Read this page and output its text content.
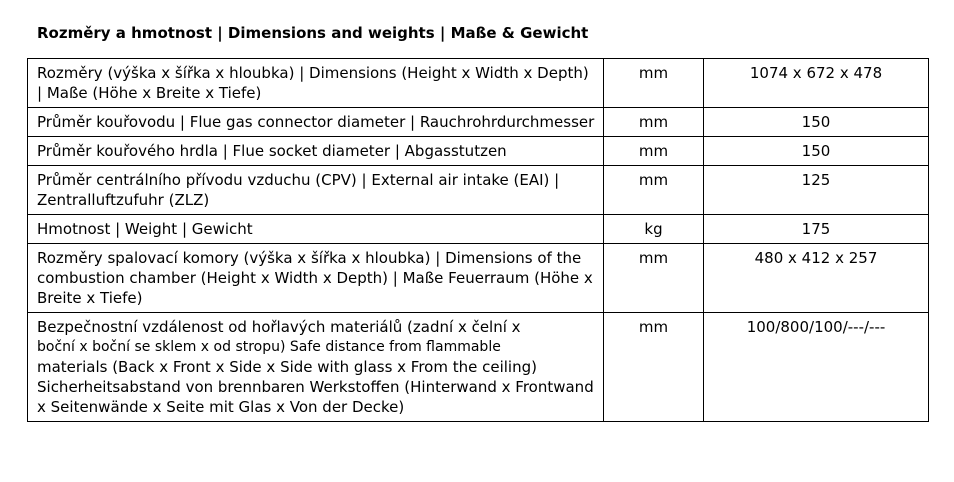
Rozměry a hmotnost | Dimensions and weights | Maße & Gewicht
Rozměry (výška x šířka x hloubka) | Dimensions (Height x Width x Depth) | Maße (Höhe x Breite x Tiefe)	mm	1074 x 672 x 478
Průměr kouřovodu | Flue gas connector diameter | Rauchrohrdurchmesser	mm	150
Průměr kouřového hrdla | Flue socket diameter | Abgasstutzen	mm	150
Průměr centrálního přívodu vzduchu (CPV) | External air intake (EAI) | Zentralluftzufuhr (ZLZ)	mm	125
Hmotnost | Weight | Gewicht	kg	175
Rozměry spalovací komory (výška x šířka x hloubka) | Dimensions of the combustion chamber (Height x Width x Depth) | Maße Feuerraum (Höhe x Breite x Tiefe)	mm	480 x 412 x 257

Bezpečnostní vzdálenost od hořlavých materiálů (zadní x čelní x
boční x boční se sklem x od stropu) Safe distance from flammable
materials (Back x Front x Side x Side with glass x From the ceiling) Sicherheitsabstand von brennbaren Werkstoffen (Hinterwand x Frontwand x Seitenwände x Seite mit Glas x Von der Decke)	mm	100/800/100/---/---
